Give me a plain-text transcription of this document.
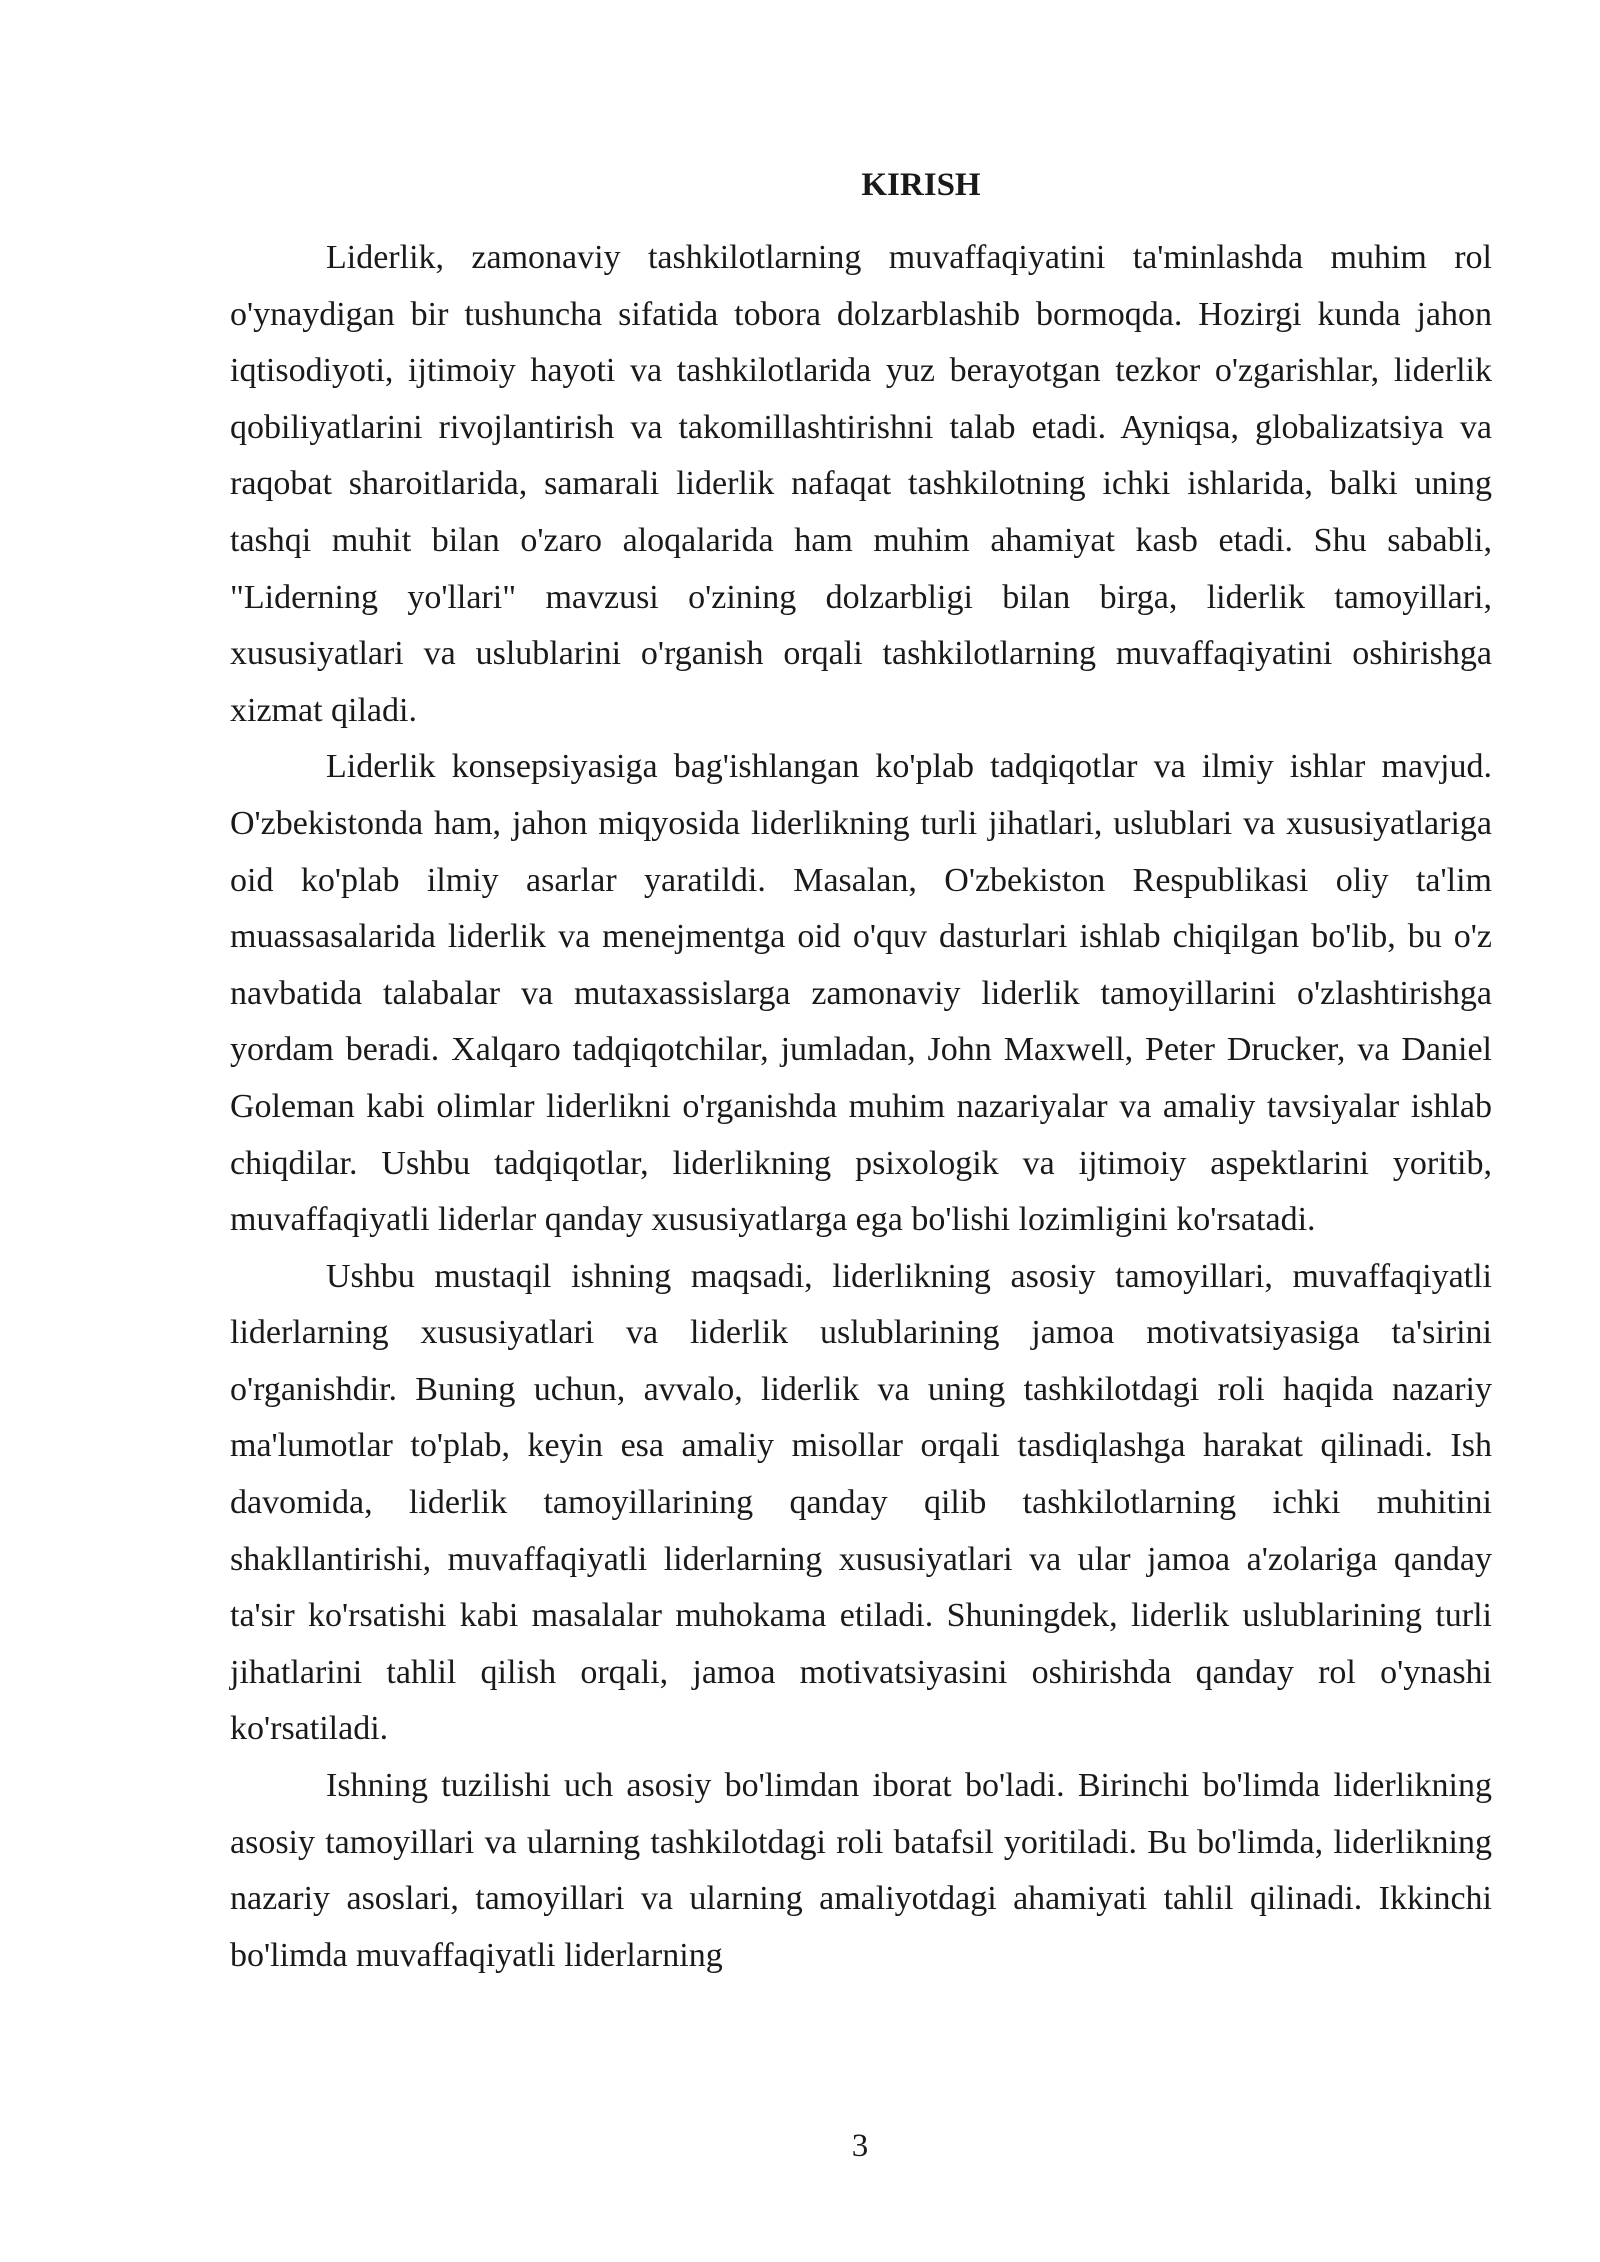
KIRISH

Liderlik, zamonaviy tashkilotlarning muvaffaqiyatini ta'minlashda muhim rol o'ynaydigan bir tushuncha sifatida tobora dolzarblashib bormoqda. Hozirgi kunda jahon iqtisodiyoti, ijtimoiy hayoti va tashkilotlarida yuz berayotgan tezkor o'zgarishlar, liderlik qobiliyatlarini rivojlantirish va takomillashtirishni talab etadi. Ayniqsa, globalizatsiya va raqobat sharoitlarida, samarali liderlik nafaqat tashkilotning ichki ishlarida, balki uning tashqi muhit bilan o'zaro aloqalarida ham muhim ahamiyat kasb etadi. Shu sababli, "Liderning yo'llari" mavzusi o'zining dolzarbligi bilan birga, liderlik tamoyillari, xususiyatlari va uslublarini o'rganish orqali tashkilotlarning muvaffaqiyatini oshirishga xizmat qiladi.

Liderlik konsepsiyasiga bag'ishlangan ko'plab tadqiqotlar va ilmiy ishlar mavjud. O'zbekistonda ham, jahon miqyosida liderlikning turli jihatlari, uslublari va xususiyatlariga oid ko'plab ilmiy asarlar yaratildi. Masalan, O'zbekiston Respublikasi oliy ta'lim muassasalarida liderlik va menejmentga oid o'quv dasturlari ishlab chiqilgan bo'lib, bu o'z navbatida talabalar va mutaxassislarga zamonaviy liderlik tamoyillarini o'zlashtirishga yordam beradi. Xalqaro tadqiqotchilar, jumladan, John Maxwell, Peter Drucker, va Daniel Goleman kabi olimlar liderlikni o'rganishda muhim nazariyalar va amaliy tavsiyalar ishlab chiqdilar. Ushbu tadqiqotlar, liderlikning psixologik va ijtimoiy aspektlarini yoritib, muvaffaqiyatli liderlar qanday xususiyatlarga ega bo'lishi lozimligini ko'rsatadi.

Ushbu mustaqil ishning maqsadi, liderlikning asosiy tamoyillari, muvaffaqiyatli liderlarning xususiyatlari va liderlik uslublarining jamoa motivatsiyasiga ta'sirini o'rganishdir. Buning uchun, avvalo, liderlik va uning tashkilotdagi roli haqida nazariy ma'lumotlar to'plab, keyin esa amaliy misollar orqali tasdiqlashga harakat qilinadi. Ish davomida, liderlik tamoyillarining qanday qilib tashkilotlarning ichki muhitini shakllantirishi, muvaffaqiyatli liderlarning xususiyatlari va ular jamoa a'zolariga qanday ta'sir ko'rsatishi kabi masalalar muhokama etiladi. Shuningdek, liderlik uslublarining turli jihatlarini tahlil qilish orqali, jamoa motivatsiyasini oshirishda qanday rol o'ynashi ko'rsatiladi.

Ishning tuzilishi uch asosiy bo'limdan iborat bo'ladi. Birinchi bo'limda liderlikning asosiy tamoyillari va ularning tashkilotdagi roli batafsil yoritiladi. Bu bo'limda, liderlikning nazariy asoslari, tamoyillari va ularning amaliyotdagi ahamiyati tahlil qilinadi. Ikkinchi bo'limda muvaffaqiyatli liderlarning

3
